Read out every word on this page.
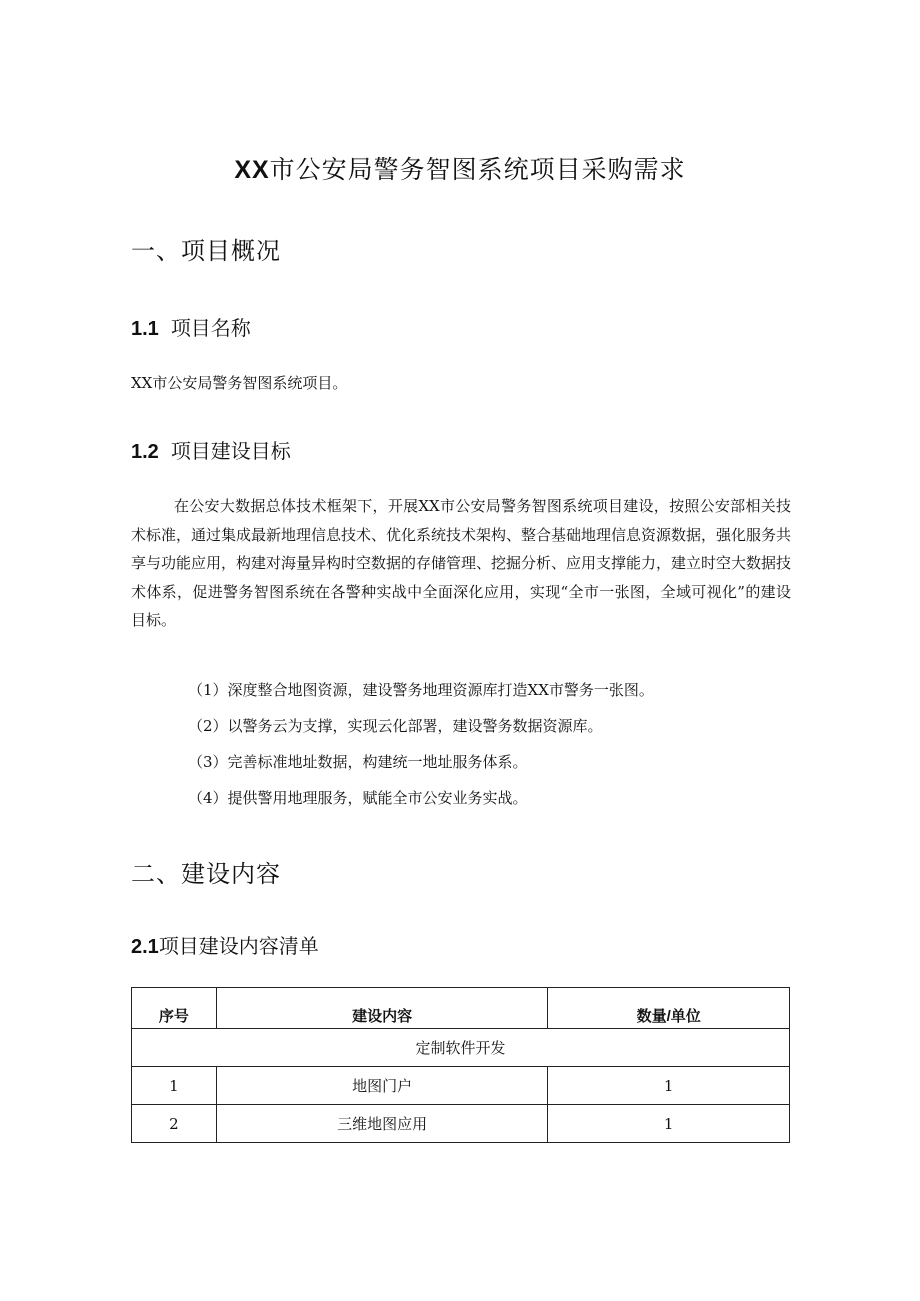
XX市公安局警务智图系统项目采购需求
一、项目概况
1.1 项目名称
XX市公安局警务智图系统项目。
1.2 项目建设目标
在公安大数据总体技术框架下，开展XX市公安局警务智图系统项目建设，按照公安部相关技术标准，通过集成最新地理信息技术、优化系统技术架构、整合基础地理信息资源数据，强化服务共享与功能应用，构建对海量异构时空数据的存储管理、挖掘分析、应用支撑能力，建立时空大数据技术体系，促进警务智图系统在各警种实战中全面深化应用，实现“全市一张图，全域可视化”的建设目标。
（1）深度整合地图资源，建设警务地理资源库打造XX市警务一张图。
（2）以警务云为支撑，实现云化部署，建设警务数据资源库。
（3）完善标准地址数据，构建统一地址服务体系。
（4）提供警用地理服务，赋能全市公安业务实战。
二、建设内容
2.1项目建设内容清单
序号	建设内容	数量/单位
定制软件开发		
1	地图门户	1
2	三维地图应用	1
